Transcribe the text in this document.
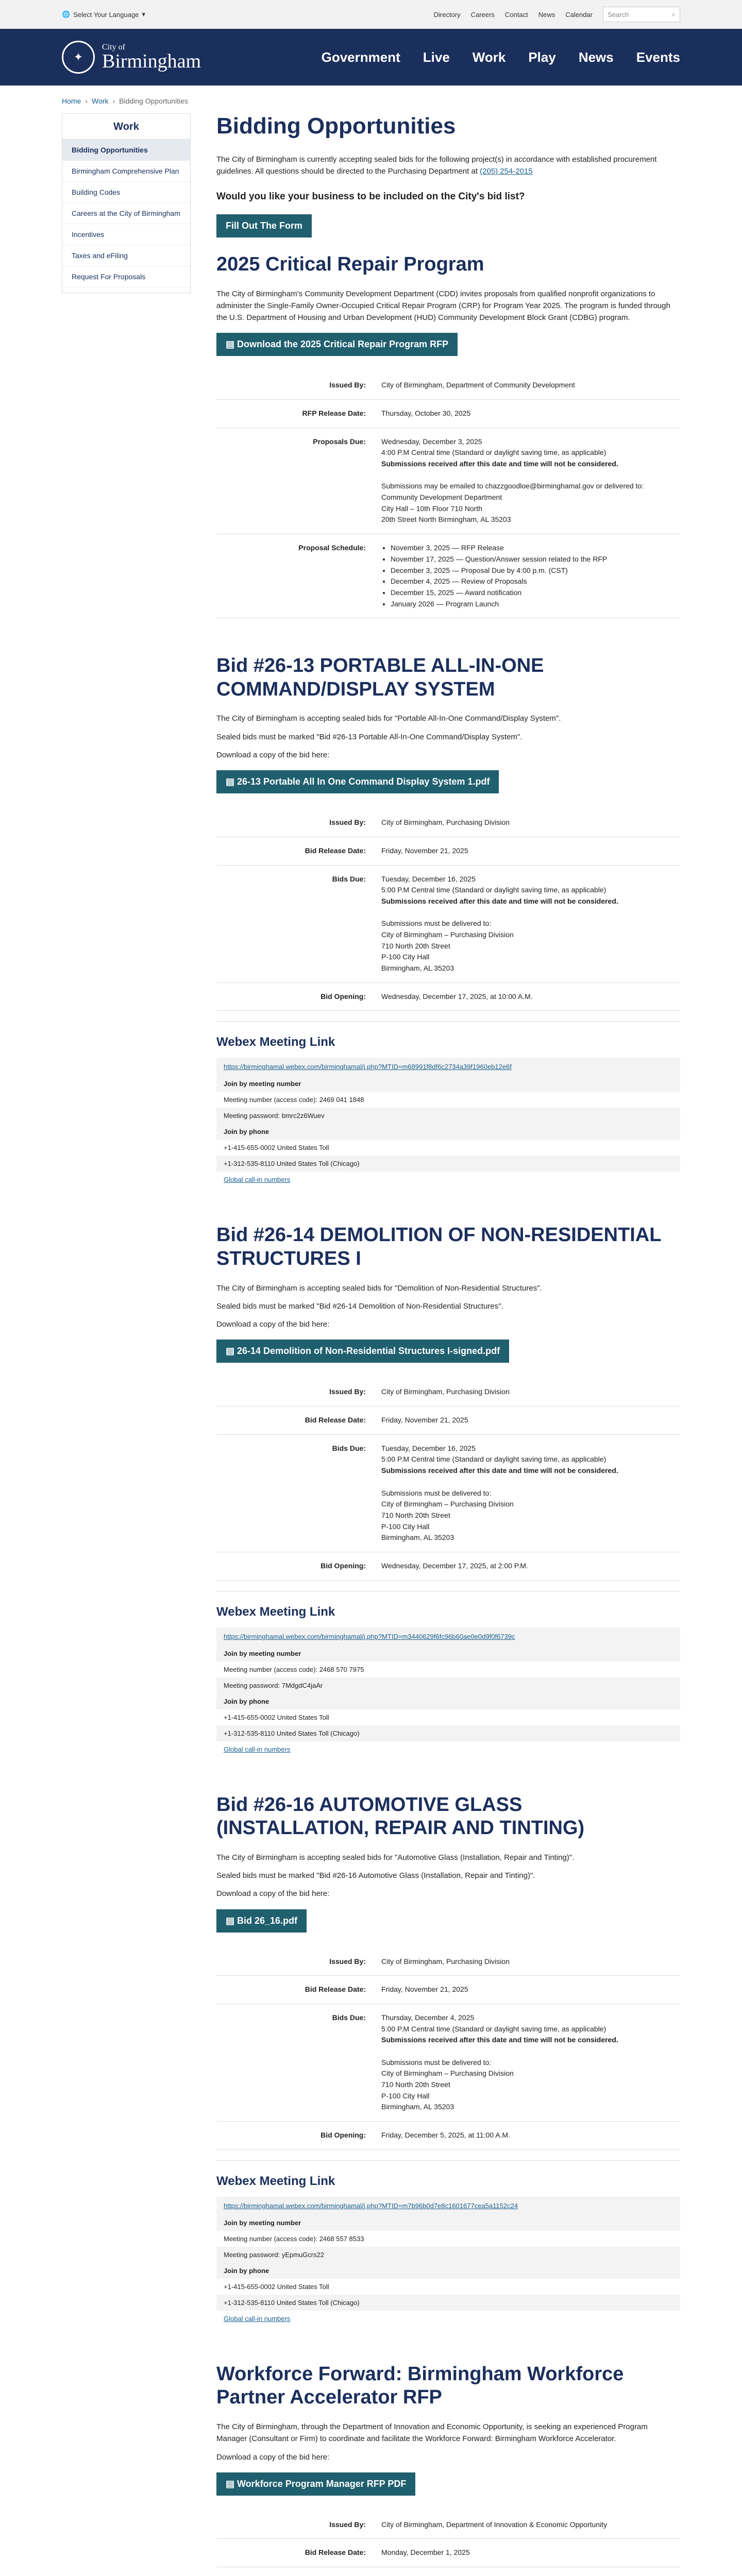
🌐 Select Your Language ▾	Directory Careers Contact News Calendar Search	⌕
✦
City of
Birmingham	Government Live Work Play News Events
Home › Work › Bidding Opportunities
Work
Bidding Opportunities
Birmingham Comprehensive Plan
Building Codes
Careers at the City of Birmingham
Incentives
Taxes and eFiling
Request For Proposals
Bidding Opportunities

The City of Birmingham is currently accepting sealed bids for the following project(s) in accordance with established procurement guidelines. All questions should be directed to the Purchasing Department at (205) 254-2015

Would you like your business to be included on the City's bid list?

Fill Out The Form
2025 Critical Repair Program

The City of Birmingham's Community Development Department (CDD) invites proposals from qualified nonprofit organizations to administer the Single-Family Owner-Occupied Critical Repair Program (CRP) for Program Year 2025. The program is funded through the U.S. Department of Housing and Urban Development (HUD) Community Development Block Grant (CDBG) program.

▤ Download the 2025 Critical Repair Program RFP
Issued By:	City of Birmingham, Department of Community Development
RFP Release Date:	Thursday, October 30, 2025
Proposals Due:	Wednesday, December 3, 2025
4:00 P.M Central time (Standard or daylight saving time, as applicable)
Submissions received after this date and time will not be considered.

Submissions may be emailed to chazzgoodloe@birminghamal.gov or delivered to:
Community Development Department
City Hall – 10th Floor 710 North
20th Street North Birmingham, AL 35203
Proposal Schedule:
•	November 3, 2025 — RFP Release
• November 17, 2025 — Question/Answer session related to the RFP
• December 3, 2025 — Proposal Due by 4:00 p.m. (CST)
• December 4, 2025 — Review of Proposals
• December 15, 2025 — Award notification
• January 2026 — Program Launch
Bid #26-13 PORTABLE ALL-IN-ONE COMMAND/DISPLAY SYSTEM

The City of Birmingham is accepting sealed bids for "Portable All-In-One Command/Display System".

Sealed bids must be marked "Bid #26-13 Portable All-In-One Command/Display System".

Download a copy of the bid here:

▤ 26-13 Portable All In One Command Display System 1.pdf
Issued By:	City of Birmingham, Purchasing Division
Bid Release Date:	Friday, November 21, 2025
Bids Due:	Tuesday, December 16, 2025
5:00 P.M Central time (Standard or daylight saving time, as applicable)
Submissions received after this date and time will not be considered.

Submissions must be delivered to:
City of Birmingham – Purchasing Division
710 North 20th Street
P-100 City Hall
Birmingham, AL 35203
Bid Opening:	Wednesday, December 17, 2025, at 10:00 A.M.
Webex Meeting Link
https://birminghamal.webex.com/birminghamal/j.php?MTID=m68991f8df6c2734a39f1960eb12e6f
Join by meeting number
Meeting number (access code): 2469 041 1848
Meeting password: bmrc2z6Wuev
Join by phone
+1-415-655-0002 United States Toll
+1-312-535-8110 United States Toll (Chicago)
Global call-in numbers
Bid #26-14 DEMOLITION OF NON-RESIDENTIAL STRUCTURES I

The City of Birmingham is accepting sealed bids for "Demolition of Non-Residential Structures".

Sealed bids must be marked "Bid #26-14 Demolition of Non-Residential Structures".

Download a copy of the bid here:

▤ 26-14 Demolition of Non-Residential Structures I-signed.pdf
Issued By:	City of Birmingham, Purchasing Division
Bid Release Date:	Friday, November 21, 2025
Bids Due:	Tuesday, December 16, 2025
5:00 P.M Central time (Standard or daylight saving time, as applicable)
Submissions received after this date and time will not be considered.

Submissions must be delivered to:
City of Birmingham – Purchasing Division
710 North 20th Street
P-100 City Hall
Birmingham, AL 35203
Bid Opening:	Wednesday, December 17, 2025, at 2:00 P.M.
Webex Meeting Link
https://birminghamal.webex.com/birminghamal/j.php?MTID=m3440629f6fc96b60ae0e0d9f0f6739c
Join by meeting number
Meeting number (access code): 2468 570 7975
Meeting password: 7MdgdC4jaAr
Join by phone
+1-415-655-0002 United States Toll
+1-312-535-8110 United States Toll (Chicago)
Global call-in numbers
Bid #26-16 AUTOMOTIVE GLASS (INSTALLATION, REPAIR AND TINTING)

The City of Birmingham is accepting sealed bids for "Automotive Glass (Installation, Repair and Tinting)".

Sealed bids must be marked "Bid #26-16 Automotive Glass (Installation, Repair and Tinting)".

Download a copy of the bid here:

▤ Bid 26_16.pdf
Issued By:	City of Birmingham, Purchasing Division
Bid Release Date:	Friday, November 21, 2025
Bids Due:	Thursday, December 4, 2025
5:00 P.M Central time (Standard or daylight saving time, as applicable)
Submissions received after this date and time will not be considered.

Submissions must be delivered to:
City of Birmingham – Purchasing Division
710 North 20th Street
P-100 City Hall
Birmingham, AL 35203
Bid Opening:	Friday, December 5, 2025, at 11:00 A.M.
Webex Meeting Link
https://birminghamal.webex.com/birminghamal/j.php?MTID=m7b96b0d7e8c1601677cea5a1152c24
Join by meeting number
Meeting number (access code): 2468 557 8533
Meeting password: yEpmuGcrs22
Join by phone
+1-415-655-0002 United States Toll
+1-312-535-8110 United States Toll (Chicago)
Global call-in numbers
Workforce Forward: Birmingham Workforce Partner Accelerator RFP

The City of Birmingham, through the Department of Innovation and Economic Opportunity, is seeking an experienced Program Manager (Consultant or Firm) to coordinate and facilitate the Workforce Forward: Birmingham Workforce Accelerator.

Download a copy of the bid here:

▤ Workforce Program Manager RFP PDF
Issued By:	City of Birmingham, Department of Innovation & Economic Opportunity
Bid Release Date:	Monday, December 1, 2025
